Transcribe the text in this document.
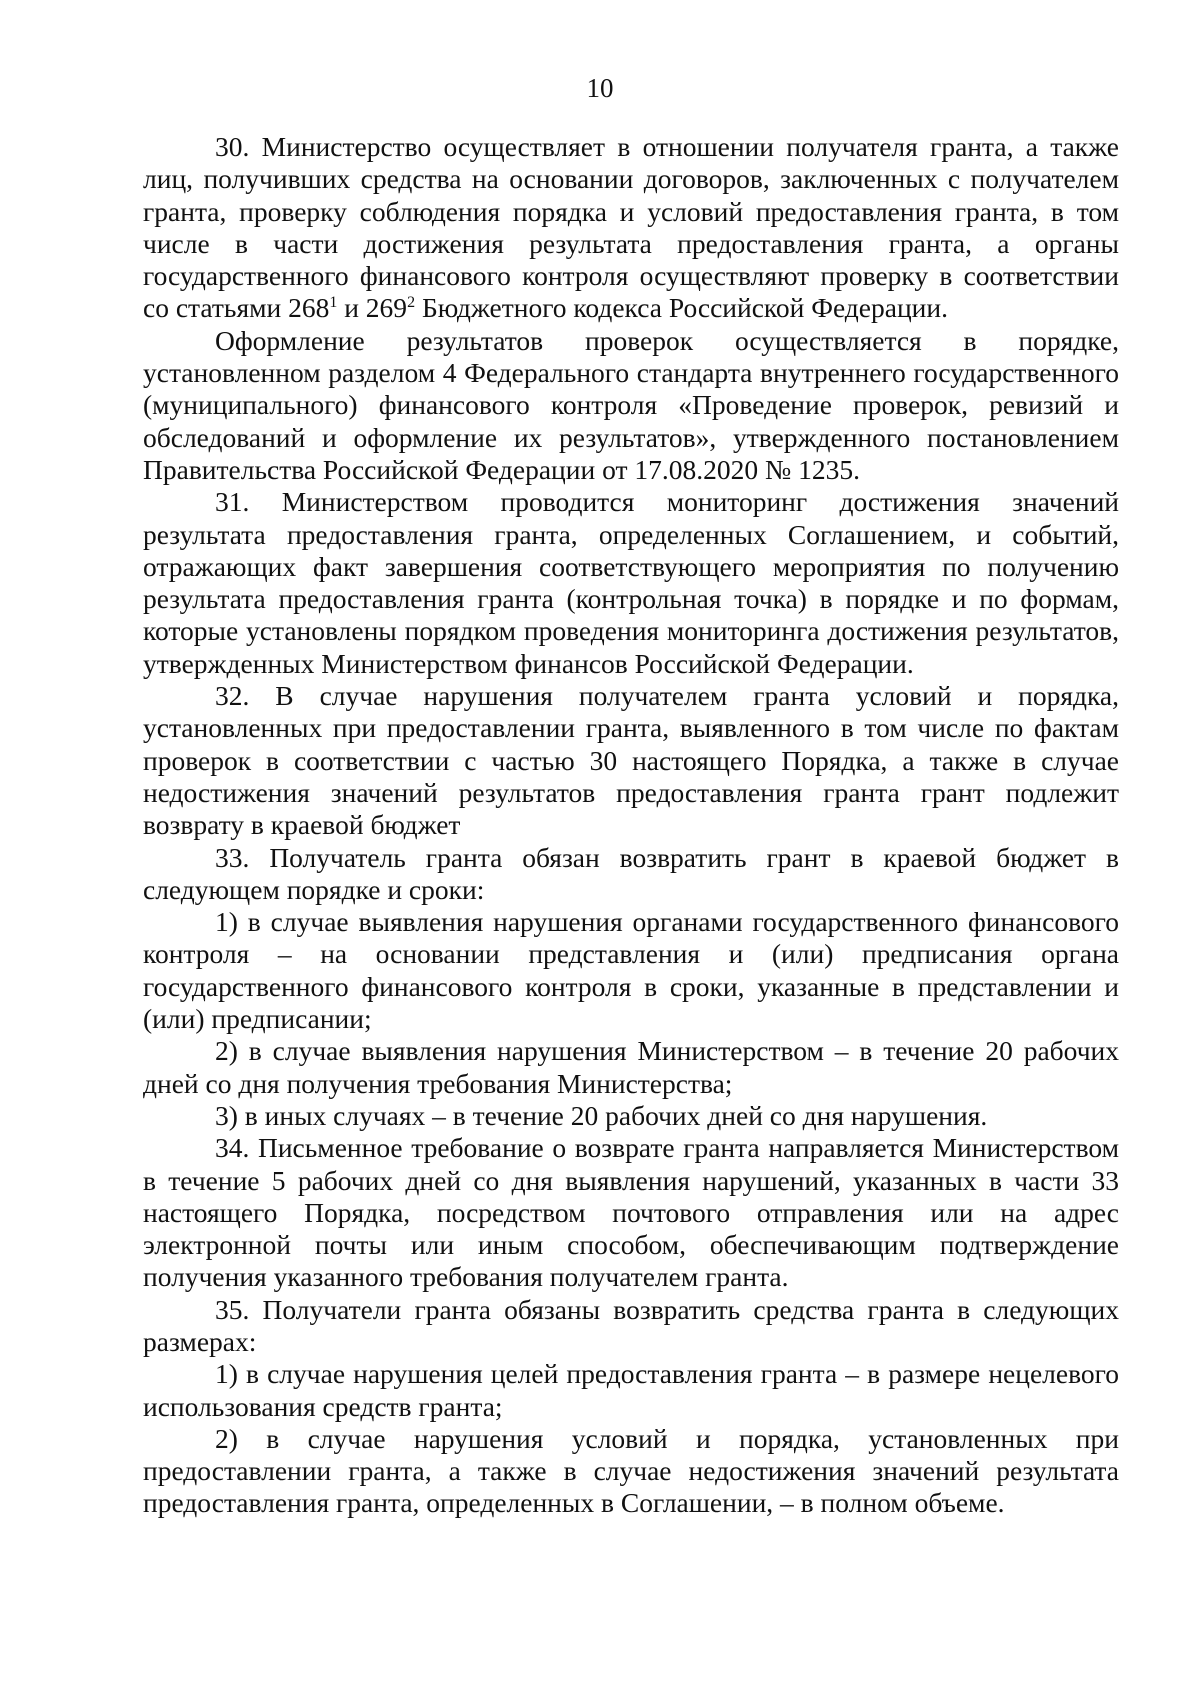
10

30. Министерство осуществляет в отношении получателя гранта, а также лиц, получивших средства на основании договоров, заключенных с получателем гранта, проверку соблюдения порядка и условий предоставления гранта, в том числе в части достижения результата предоставления гранта, а органы государственного финансового контроля осуществляют проверку в соответствии со статьями $268^1$ и $269^2$ Бюджетного кодекса Российской Федерации.

Оформление результатов проверок осуществляется в порядке, установленном разделом 4 Федерального стандарта внутреннего государственного (муниципального) финансового контроля «Проведение проверок, ревизий и обследований и оформление их результатов», утвержденного постановлением Правительства Российской Федерации от 17.08.2020 № 1235.

31. Министерством проводится мониторинг достижения значений результата предоставления гранта, определенных Соглашением, и событий, отражающих факт завершения соответствующего мероприятия по получению результата предоставления гранта (контрольная точка) в порядке и по формам, которые установлены порядком проведения мониторинга достижения результатов, утвержденных Министерством финансов Российской Федерации.

32. В случае нарушения получателем гранта условий и порядка, установленных при предоставлении гранта, выявленного в том числе по фактам проверок в соответствии с частью 30 настоящего Порядка, а также в случае недостижения значений результатов предоставления гранта грант подлежит возврату в краевой бюджет

33. Получатель гранта обязан возвратить грант в краевой бюджет в следующем порядке и сроки:

1) в случае выявления нарушения органами государственного финансового контроля – на основании представления и (или) предписания органа государственного финансового контроля в сроки, указанные в представлении и (или) предписании;

2) в случае выявления нарушения Министерством – в течение 20 рабочих дней со дня получения требования Министерства;

3) в иных случаях – в течение 20 рабочих дней со дня нарушения.

34. Письменное требование о возврате гранта направляется Министерством в течение 5 рабочих дней со дня выявления нарушений, указанных в части 33 настоящего Порядка, посредством почтового отправления или на адрес электронной почты или иным способом, обеспечивающим подтверждение получения указанного требования получателем гранта.

35. Получатели гранта обязаны возвратить средства гранта в следующих размерах:

1) в случае нарушения целей предоставления гранта – в размере нецелевого использования средств гранта;

2) в случае нарушения условий и порядка, установленных при предоставлении гранта, а также в случае недостижения значений результата предоставления гранта, определенных в Соглашении, – в полном объеме.
